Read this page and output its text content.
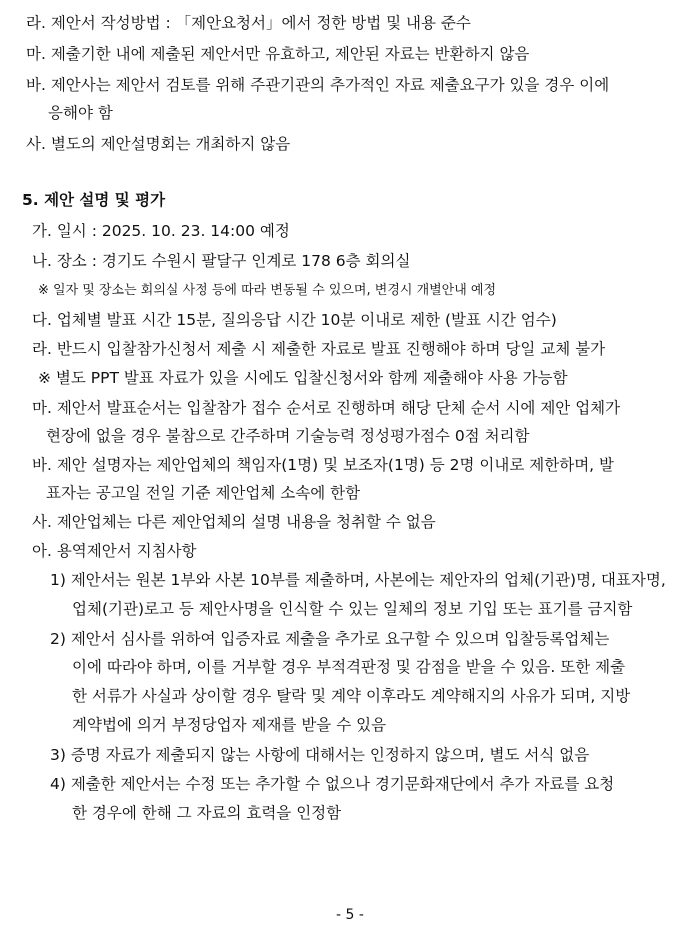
라. 제안서 작성방법 : 「제안요청서」에서 정한 방법 및 내용 준수
마. 제출기한 내에 제출된 제안서만 유효하고, 제안된 자료는 반환하지 않음
바. 제안사는 제안서 검토를 위해 주관기관의 추가적인 자료 제출요구가 있을 경우 이에
응해야 함
사. 별도의 제안설명회는 개최하지 않음
5. 제안 설명 및 평가
가. 일시 : 2025. 10. 23. 14:00 예정
나. 장소 : 경기도 수원시 팔달구 인계로 178 6층 회의실
※ 일자 및 장소는 회의실 사정 등에 따라 변동될 수 있으며, 변경시 개별안내 예정
다. 업체별 발표 시간 15분, 질의응답 시간 10분 이내로 제한 (발표 시간 엄수)
라. 반드시 입찰참가신청서 제출 시 제출한 자료로 발표 진행해야 하며 당일 교체 불가
※ 별도 PPT 발표 자료가 있을 시에도 입찰신청서와 함께 제출해야 사용 가능함
마. 제안서 발표순서는 입찰참가 접수 순서로 진행하며 해당 단체 순서 시에 제안 업체가
현장에 없을 경우 불참으로 간주하며 기술능력 정성평가점수 0점 처리함
바. 제안 설명자는 제안업체의 책임자(1명) 및 보조자(1명) 등 2명 이내로 제한하며, 발
표자는 공고일 전일 기준 제안업체 소속에 한함
사. 제안업체는 다른 제안업체의 설명 내용을 청취할 수 없음
아. 용역제안서 지침사항
1) 제안서는 원본 1부와 사본 10부를 제출하며, 사본에는 제안자의 업체(기관)명, 대표자명,
업체(기관)로고 등 제안사명을 인식할 수 있는 일체의 정보 기입 또는 표기를 금지함
2) 제안서 심사를 위하여 입증자료 제출을 추가로 요구할 수 있으며 입찰등록업체는
이에 따라야 하며, 이를 거부할 경우 부적격판정 및 감점을 받을 수 있음. 또한 제출
한 서류가 사실과 상이할 경우 탈락 및 계약 이후라도 계약해지의 사유가 되며, 지방
계약법에 의거 부정당업자 제재를 받을 수 있음
3) 증명 자료가 제출되지 않는 사항에 대해서는 인정하지 않으며, 별도 서식 없음
4) 제출한 제안서는 수정 또는 추가할 수 없으나 경기문화재단에서 추가 자료를 요청
한 경우에 한해 그 자료의 효력을 인정함
- 5 -
